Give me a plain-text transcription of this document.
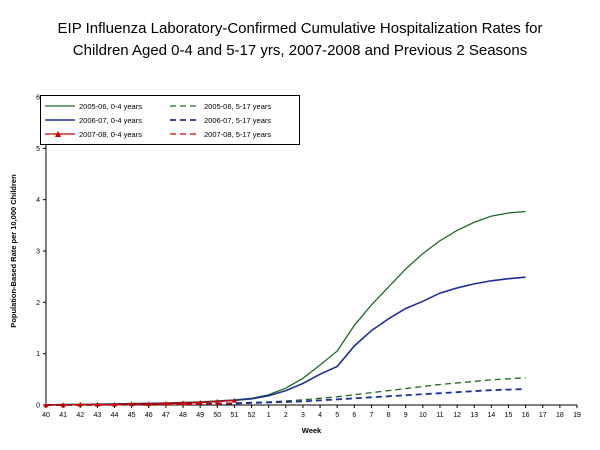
EIP Influenza Laboratory-Confirmed Cumulative Hospitalization Rates for Children Aged 0-4 and 5-17 yrs, 2007-2008 and Previous 2 Seasons
0
1
2
3
4
5
6
40 41 42 43 44 45 46 47 48 49 50 51 52 1 2 3 4 5 6 7 8 9 10 11 12 13 14 15 16 17 18 19
Week
Population-Based Rate per 10,000 Children
2005-06, 0-4 years	2005-06, 5-17 years
2006-07, 0-4 years	2006-07, 5-17 years
2007-08, 0-4 years	2007-08, 5-17 years
